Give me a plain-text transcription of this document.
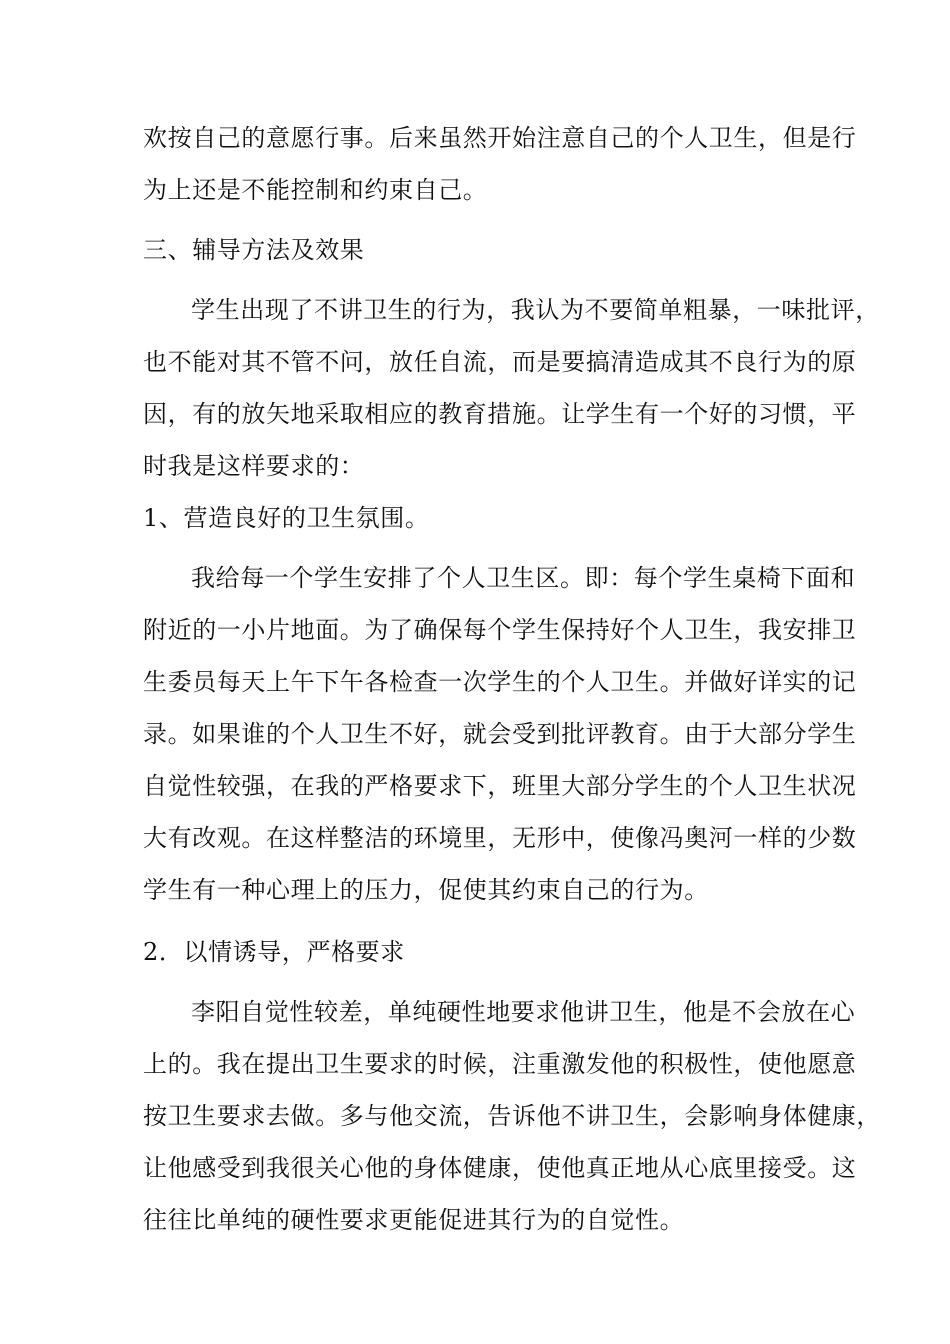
欢按自己的意愿行事。后来虽然开始注意自己的个人卫生，但是行
为上还是不能控制和约束自己。
三、辅导方法及效果
学生出现了不讲卫生的行为，我认为不要简单粗暴，一味批评，
也不能对其不管不问，放任自流，而是要搞清造成其不良行为的原
因，有的放矢地采取相应的教育措施。让学生有一个好的习惯，平
时我是这样要求的：
1、营造良好的卫生氛围。
我给每一个学生安排了个人卫生区。即：每个学生桌椅下面和
附近的一小片地面。为了确保每个学生保持好个人卫生，我安排卫
生委员每天上午下午各检查一次学生的个人卫生。并做好详实的记
录。如果谁的个人卫生不好，就会受到批评教育。由于大部分学生
自觉性较强，在我的严格要求下，班里大部分学生的个人卫生状况
大有改观。在这样整洁的环境里，无形中，使像冯奥河一样的少数
学生有一种心理上的压力，促使其约束自己的行为。
2．以情诱导，严格要求
李阳自觉性较差，单纯硬性地要求他讲卫生，他是不会放在心
上的。我在提出卫生要求的时候，注重激发他的积极性，使他愿意
按卫生要求去做。多与他交流，告诉他不讲卫生，会影响身体健康，
让他感受到我很关心他的身体健康，使他真正地从心底里接受。这
往往比单纯的硬性要求更能促进其行为的自觉性。
